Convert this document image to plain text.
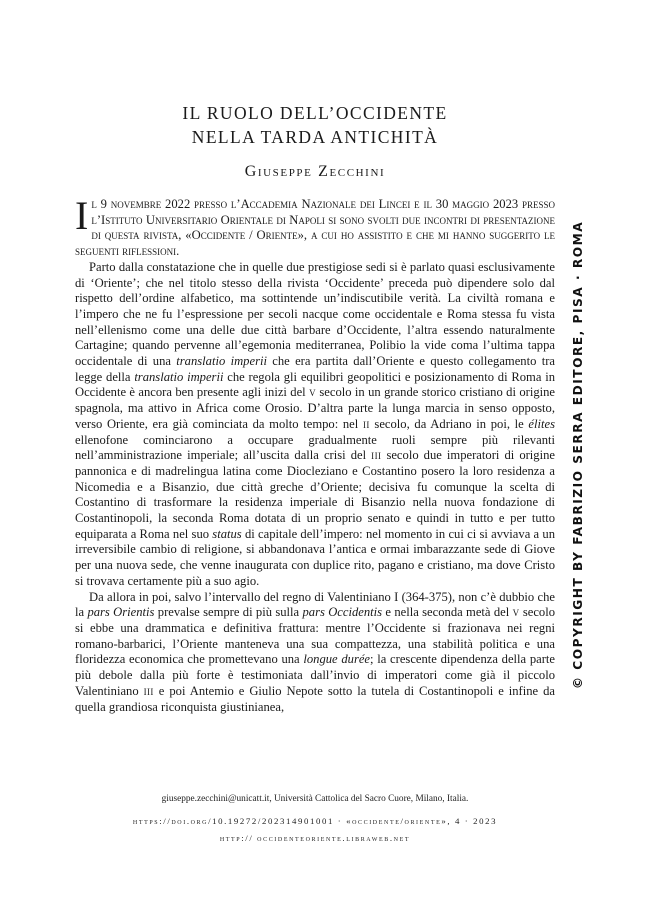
IL RUOLO DELL’OCCIDENTE
NELLA TARDA ANTICHITÀ
Giuseppe Zecchini

Il 9 novembre 2022 presso l’Accademia Nazionale dei Lincei e il 30 maggio 2023 presso l’Istituto Universitario Orientale di Napoli si sono svolti due incontri di presentazione di questa rivista, «Occidente / Oriente», a cui ho assistito e che mi hanno suggerito le seguenti riflessioni.

Parto dalla constatazione che in quelle due prestigiose sedi si è parlato quasi esclusivamente di ‘Oriente’; che nel titolo stesso della rivista ‘Occidente’ preceda può dipendere solo dal rispetto dell’ordine alfabetico, ma sottintende un’indiscutibile verità. La civiltà romana e l’impero che ne fu l’espressione per secoli nacque come occidentale e Roma stessa fu vista nell’ellenismo come una delle due città barbare d’Occidente, l’altra essendo naturalmente Cartagine; quando pervenne all’egemonia mediterranea, Polibio la vide coma l’ultima tappa occidentale di una translatio imperii che era partita dall’Oriente e questo collegamento tra legge della translatio imperii che regola gli equilibri geopolitici e posizionamento di Roma in Occidente è ancora ben presente agli inizi del v secolo in un grande storico cristiano di origine spagnola, ma attivo in Africa come Orosio. D’altra parte la lunga marcia in senso opposto, verso Oriente, era già cominciata da molto tempo: nel ii secolo, da Adriano in poi, le élites ellenofone cominciarono a occupare gradualmente ruoli sempre più rilevanti nell’amministrazione imperiale; all’uscita dalla crisi del iii secolo due imperatori di origine pannonica e di madrelingua latina come Diocleziano e Costantino posero la loro residenza a Nicomedia e a Bisanzio, due città greche d’Oriente; decisiva fu comunque la scelta di Costantino di trasformare la residenza imperiale di Bisanzio nella nuova fondazione di Costantinopoli, la seconda Roma dotata di un proprio senato e quindi in tutto e per tutto equiparata a Roma nel suo status di capitale dell’impero: nel momento in cui ci si avviava a un irreversibile cambio di religione, si abbandonava l’antica e ormai imbarazzante sede di Giove per una nuova sede, che venne inaugurata con duplice rito, pagano e cristiano, ma dove Cristo si trovava certamente più a suo agio.

Da allora in poi, salvo l’intervallo del regno di Valentiniano I (364-375), non c’è dubbio che la pars Orientis prevalse sempre di più sulla pars Occidentis e nella seconda metà del v secolo si ebbe una drammatica e definitiva frattura: mentre l’Occidente si frazionava nei regni romano-barbarici, l’Oriente manteneva una sua compattezza, una stabilità politica e una floridezza economica che promettevano una longue durée; la crescente dipendenza della parte più debole dalla più forte è testimoniata dall’invio di imperatori come già il piccolo Valentiniano iii e poi Antemio e Giulio Nepote sotto la tutela di Costantinopoli e infine da quella grandiosa riconquista giustinianea,

© COPYRIGHT BY FABRIZIO SERRA EDITORE, PISA · ROMA
giuseppe.zecchini@unicatt.it, Università Cattolica del Sacro Cuore, Milano, Italia.
https://doi.org/10.19272/202314901001 · «occidente/oriente», 4 · 2023
http:// occidenteoriente.libraweb.net
